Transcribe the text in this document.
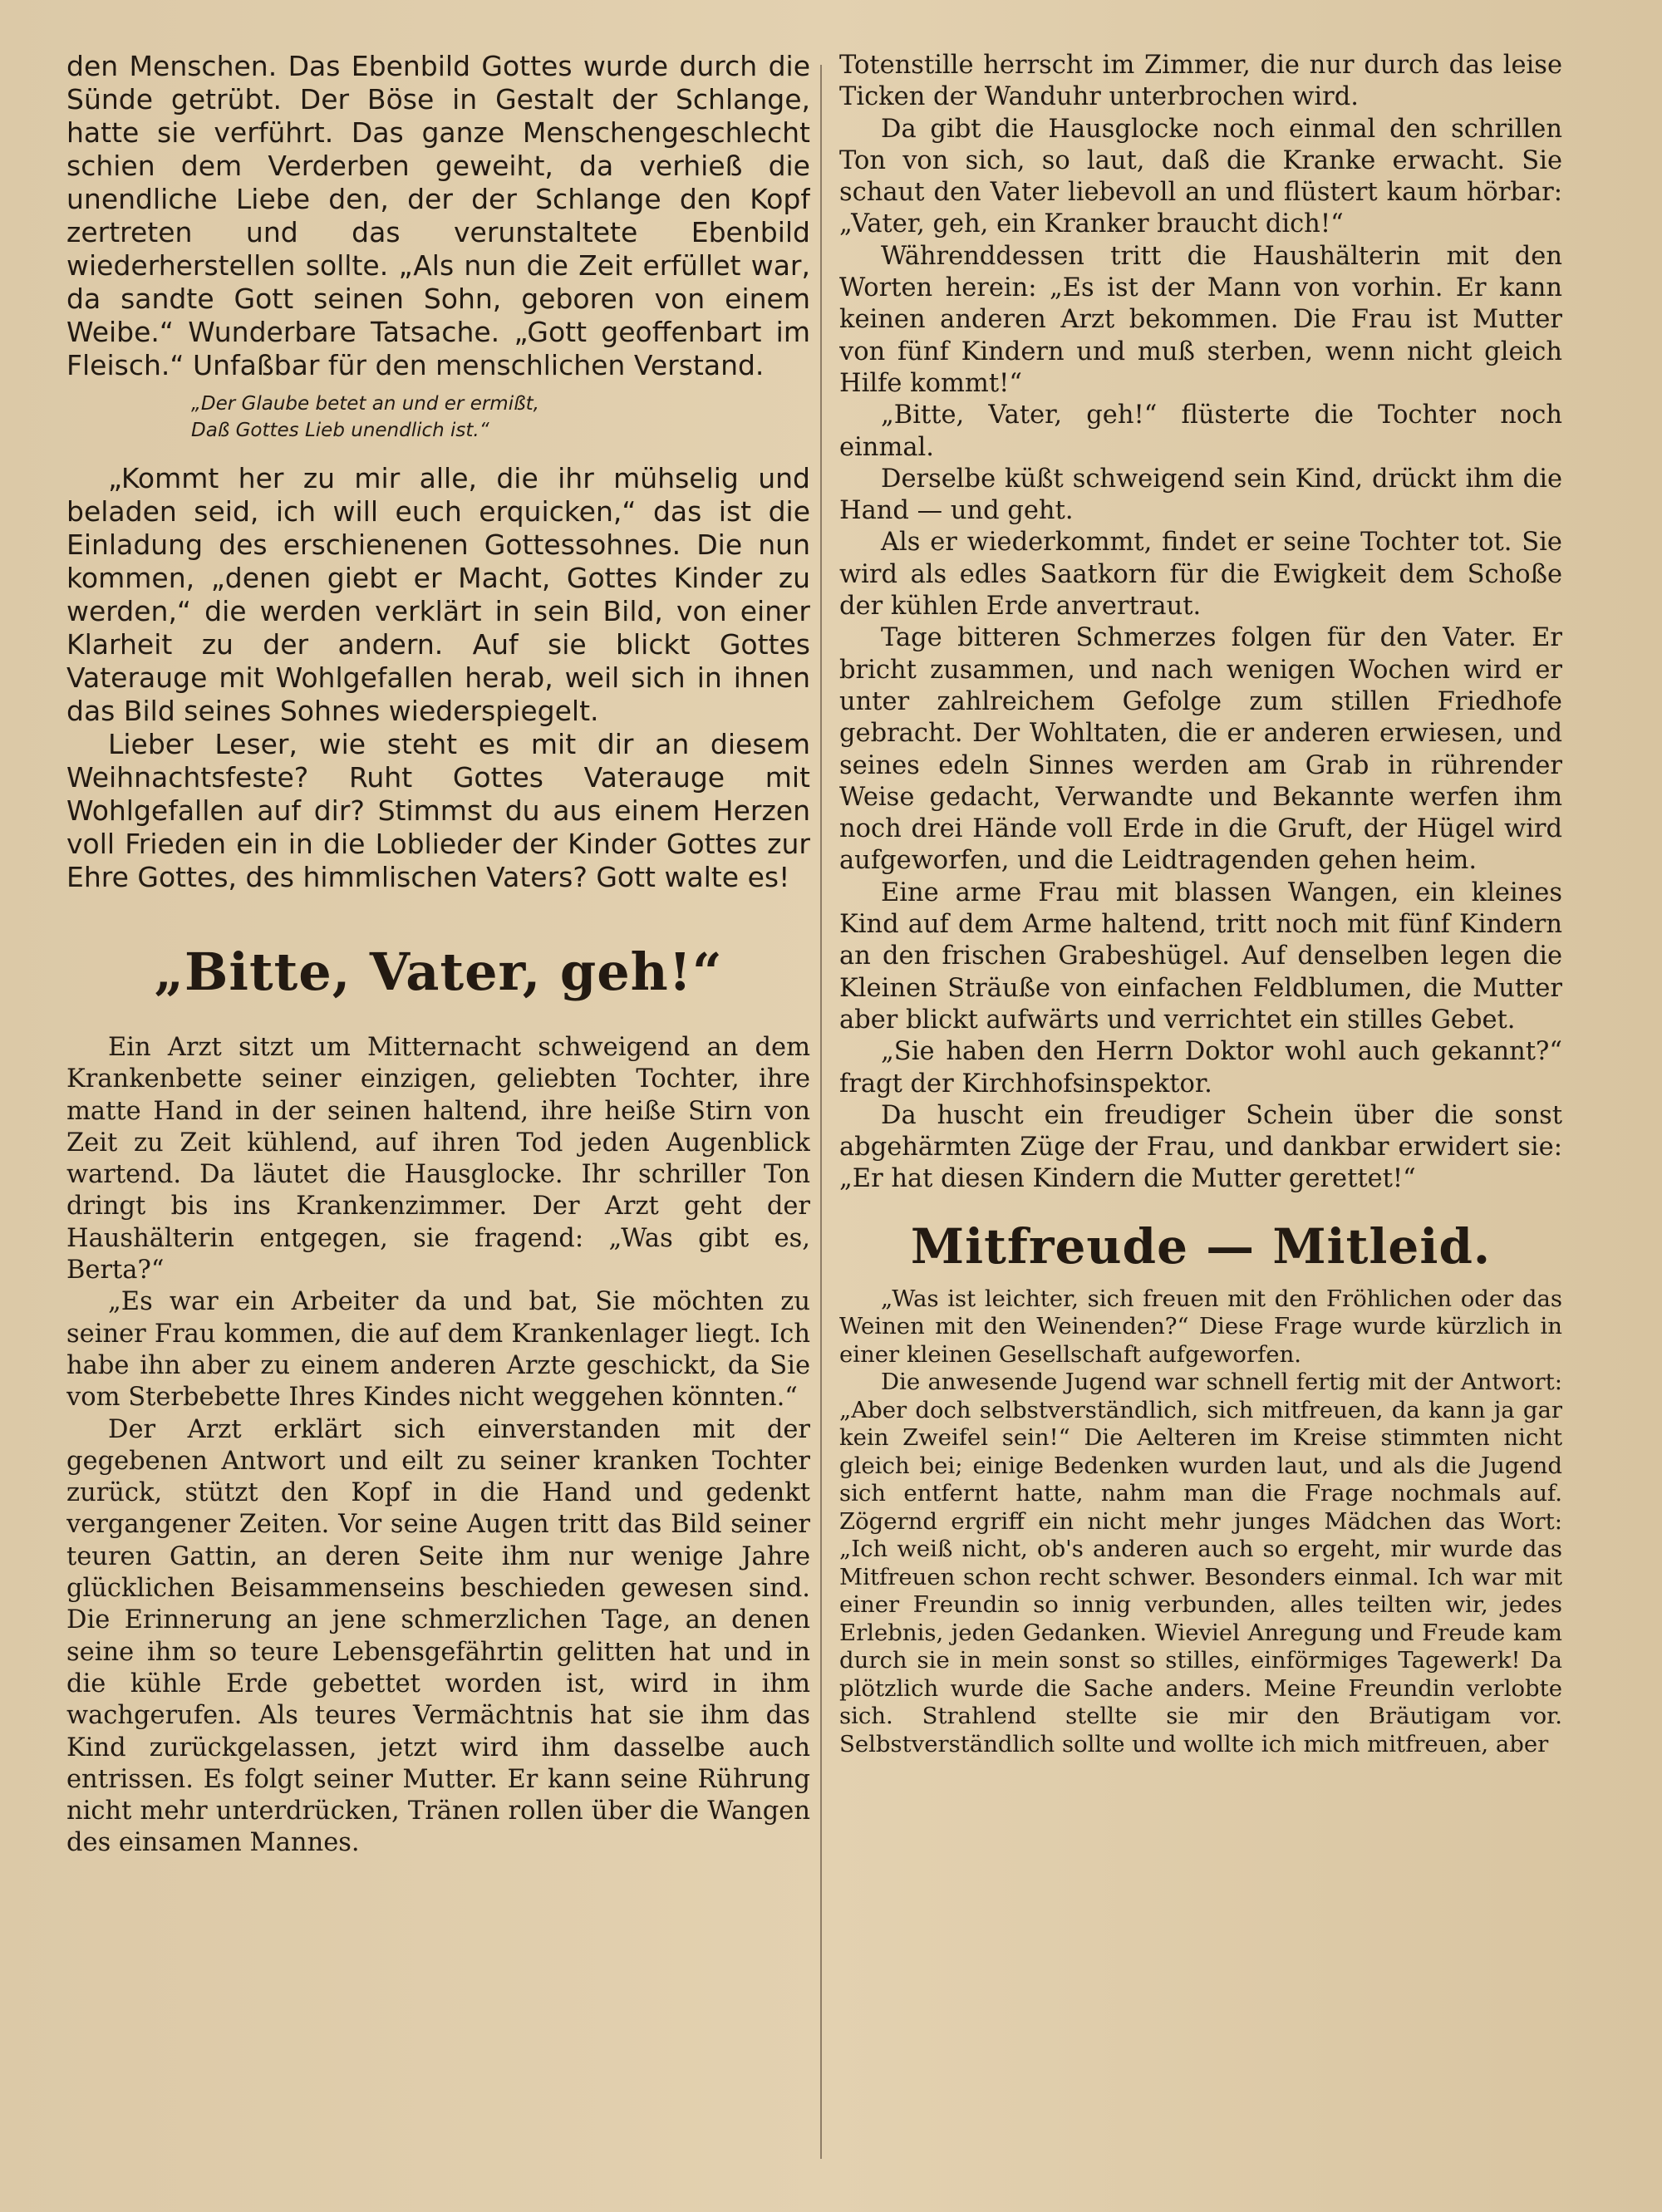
den Menschen. Das Ebenbild Gottes wurde durch die Sünde getrübt. Der Böse in Gestalt der Schlange, hatte sie verführt. Das ganze Menschengeschlecht schien dem Verderben geweiht, da verhieß die unendliche Liebe den, der der Schlange den Kopf zertreten und das verunstaltete Ebenbild wiederherstellen sollte. „Als nun die Zeit erfüllet war, da sandte Gott seinen Sohn, geboren von einem Weibe.“ Wunderbare Tatsache. „Gott geoffenbart im Fleisch.“ Unfaßbar für den menschlichen Verstand.

„Der Glaube betet an und er ermißt,
Daß Gottes Lieb unendlich ist.“

„Kommt her zu mir alle, die ihr mühselig und beladen seid, ich will euch erquicken,“ das ist die Einladung des erschienenen Gottessohnes. Die nun kommen, „denen giebt er Macht, Gottes Kinder zu werden,“ die werden verklärt in sein Bild, von einer Klarheit zu der andern. Auf sie blickt Gottes Vaterauge mit Wohlgefallen herab, weil sich in ihnen das Bild seines Sohnes wiederspiegelt.

Lieber Leser, wie steht es mit dir an diesem Weihnachtsfeste? Ruht Gottes Vaterauge mit Wohlgefallen auf dir? Stimmst du aus einem Herzen voll Frieden ein in die Loblieder der Kinder Gottes zur Ehre Gottes, des himmlischen Vaters? Gott walte es!

„Bitte, Vater, geh!“

Ein Arzt sitzt um Mitternacht schweigend an dem Krankenbette seiner einzigen, geliebten Tochter, ihre matte Hand in der seinen haltend, ihre heiße Stirn von Zeit zu Zeit kühlend, auf ihren Tod jeden Augenblick wartend. Da läutet die Hausglocke. Ihr schriller Ton dringt bis ins Krankenzimmer. Der Arzt geht der Haushälterin entgegen, sie fragend: „Was gibt es, Berta?“

„Es war ein Arbeiter da und bat, Sie möchten zu seiner Frau kommen, die auf dem Krankenlager liegt. Ich habe ihn aber zu einem anderen Arzte geschickt, da Sie vom Sterbebette Ihres Kindes nicht weggehen könnten.“

Der Arzt erklärt sich einverstanden mit der gegebenen Antwort und eilt zu seiner kranken Tochter zurück, stützt den Kopf in die Hand und gedenkt vergangener Zeiten. Vor seine Augen tritt das Bild seiner teuren Gattin, an deren Seite ihm nur wenige Jahre glücklichen Beisammenseins beschieden gewesen sind. Die Erinnerung an jene schmerzlichen Tage, an denen seine ihm so teure Lebensgefährtin gelitten hat und in die kühle Erde gebettet worden ist, wird in ihm wachgerufen. Als teures Vermächtnis hat sie ihm das Kind zurückgelassen, jetzt wird ihm dasselbe auch entrissen. Es folgt seiner Mutter. Er kann seine Rührung nicht mehr unterdrücken, Tränen rollen über die Wangen des einsamen Mannes.

Totenstille herrscht im Zimmer, die nur durch das leise Ticken der Wanduhr unterbrochen wird.

Da gibt die Hausglocke noch einmal den schrillen Ton von sich, so laut, daß die Kranke erwacht. Sie schaut den Vater liebevoll an und flüstert kaum hörbar: „Vater, geh, ein Kranker braucht dich!“

Währenddessen tritt die Haushälterin mit den Worten herein: „Es ist der Mann von vorhin. Er kann keinen anderen Arzt bekommen. Die Frau ist Mutter von fünf Kindern und muß sterben, wenn nicht gleich Hilfe kommt!“

„Bitte, Vater, geh!“ flüsterte die Tochter noch einmal.

Derselbe küßt schweigend sein Kind, drückt ihm die Hand — und geht.

Als er wiederkommt, findet er seine Tochter tot. Sie wird als edles Saatkorn für die Ewigkeit dem Schoße der kühlen Erde anvertraut.

Tage bitteren Schmerzes folgen für den Vater. Er bricht zusammen, und nach wenigen Wochen wird er unter zahlreichem Gefolge zum stillen Friedhofe gebracht. Der Wohltaten, die er anderen erwiesen, und seines edeln Sinnes werden am Grab in rührender Weise gedacht, Verwandte und Bekannte werfen ihm noch drei Hände voll Erde in die Gruft, der Hügel wird aufgeworfen, und die Leidtragenden gehen heim.

Eine arme Frau mit blassen Wangen, ein kleines Kind auf dem Arme haltend, tritt noch mit fünf Kindern an den frischen Grabeshügel. Auf denselben legen die Kleinen Sträuße von einfachen Feldblumen, die Mutter aber blickt aufwärts und verrichtet ein stilles Gebet.

„Sie haben den Herrn Doktor wohl auch gekannt?“ fragt der Kirchhofsinspektor.

Da huscht ein freudiger Schein über die sonst abgehärmten Züge der Frau, und dankbar erwidert sie: „Er hat diesen Kindern die Mutter gerettet!“

Mitfreude — Mitleid.

„Was ist leichter, sich freuen mit den Fröhlichen oder das Weinen mit den Weinenden?“ Diese Frage wurde kürzlich in einer kleinen Gesellschaft aufgeworfen.

Die anwesende Jugend war schnell fertig mit der Antwort: „Aber doch selbstverständlich, sich mitfreuen, da kann ja gar kein Zweifel sein!“ Die Aelteren im Kreise stimmten nicht gleich bei; einige Bedenken wurden laut, und als die Jugend sich entfernt hatte, nahm man die Frage nochmals auf. Zögernd ergriff ein nicht mehr junges Mädchen das Wort: „Ich weiß nicht, ob's anderen auch so ergeht, mir wurde das Mitfreuen schon recht schwer. Besonders einmal. Ich war mit einer Freundin so innig verbunden, alles teilten wir, jedes Erlebnis, jeden Gedanken. Wieviel Anregung und Freude kam durch sie in mein sonst so stilles, einförmiges Tagewerk! Da plötzlich wurde die Sache anders. Meine Freundin verlobte sich. Strahlend stellte sie mir den Bräutigam vor. Selbstverständlich sollte und wollte ich mich mitfreuen, aber
